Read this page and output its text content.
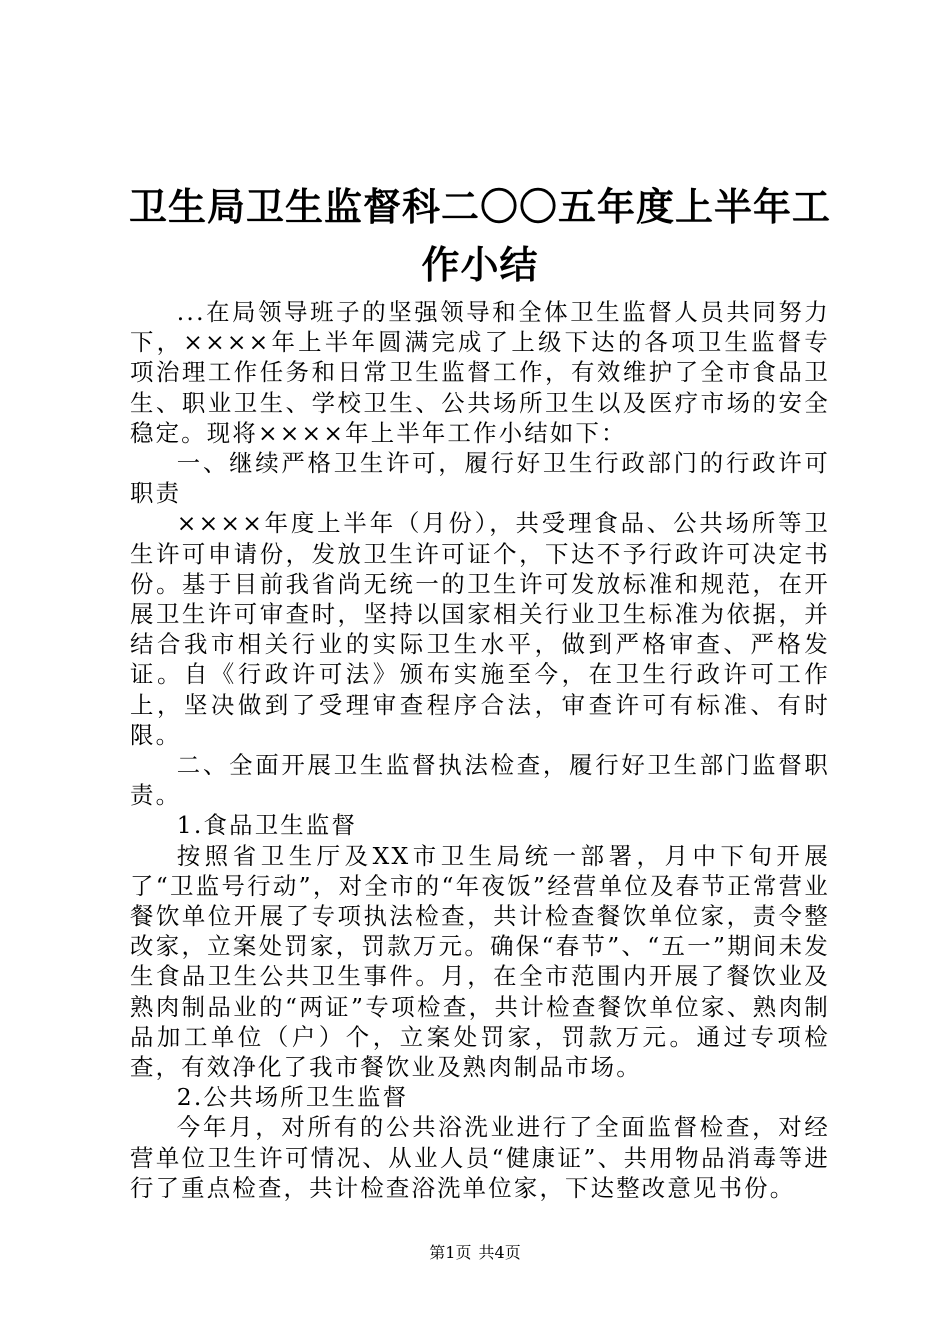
卫生局卫生监督科二〇〇五年度上半年工作小结

...在局领导班子的坚强领导和全体卫生监督人员共同努力下，××××年上半年圆满完成了上级下达的各项卫生监督专项治理工作任务和日常卫生监督工作，有效维护了全市食品卫生、职业卫生、学校卫生、公共场所卫生以及医疗市场的安全稳定。现将××××年上半年工作小结如下：

一、继续严格卫生许可，履行好卫生行政部门的行政许可职责

××××年度上半年（月份），共受理食品、公共场所等卫生许可申请份，发放卫生许可证个，下达不予行政许可决定书份。基于目前我省尚无统一的卫生许可发放标准和规范，在开展卫生许可审查时，坚持以国家相关行业卫生标准为依据，并结合我市相关行业的实际卫生水平，做到严格审查、严格发证。自《行政许可法》颁布实施至今，在卫生行政许可工作上，坚决做到了受理审查程序合法，审查许可有标准、有时限。

二、全面开展卫生监督执法检查，履行好卫生部门监督职责。

1.食品卫生监督

按照省卫生厅及XX市卫生局统一部署，月中下旬开展了“卫监号行动”，对全市的“年夜饭”经营单位及春节正常营业餐饮单位开展了专项执法检查，共计检查餐饮单位家，责令整改家，立案处罚家，罚款万元。确保“春节”、“五一”期间未发生食品卫生公共卫生事件。月，在全市范围内开展了餐饮业及熟肉制品业的“两证”专项检查，共计检查餐饮单位家、熟肉制品加工单位（户）个，立案处罚家，罚款万元。通过专项检查，有效净化了我市餐饮业及熟肉制品市场。

2.公共场所卫生监督

今年月，对所有的公共浴洗业进行了全面监督检查，对经营单位卫生许可情况、从业人员“健康证”、共用物品消毒等进行了重点检查，共计检查浴洗单位家，下达整改意见书份。

第1页 共4页
